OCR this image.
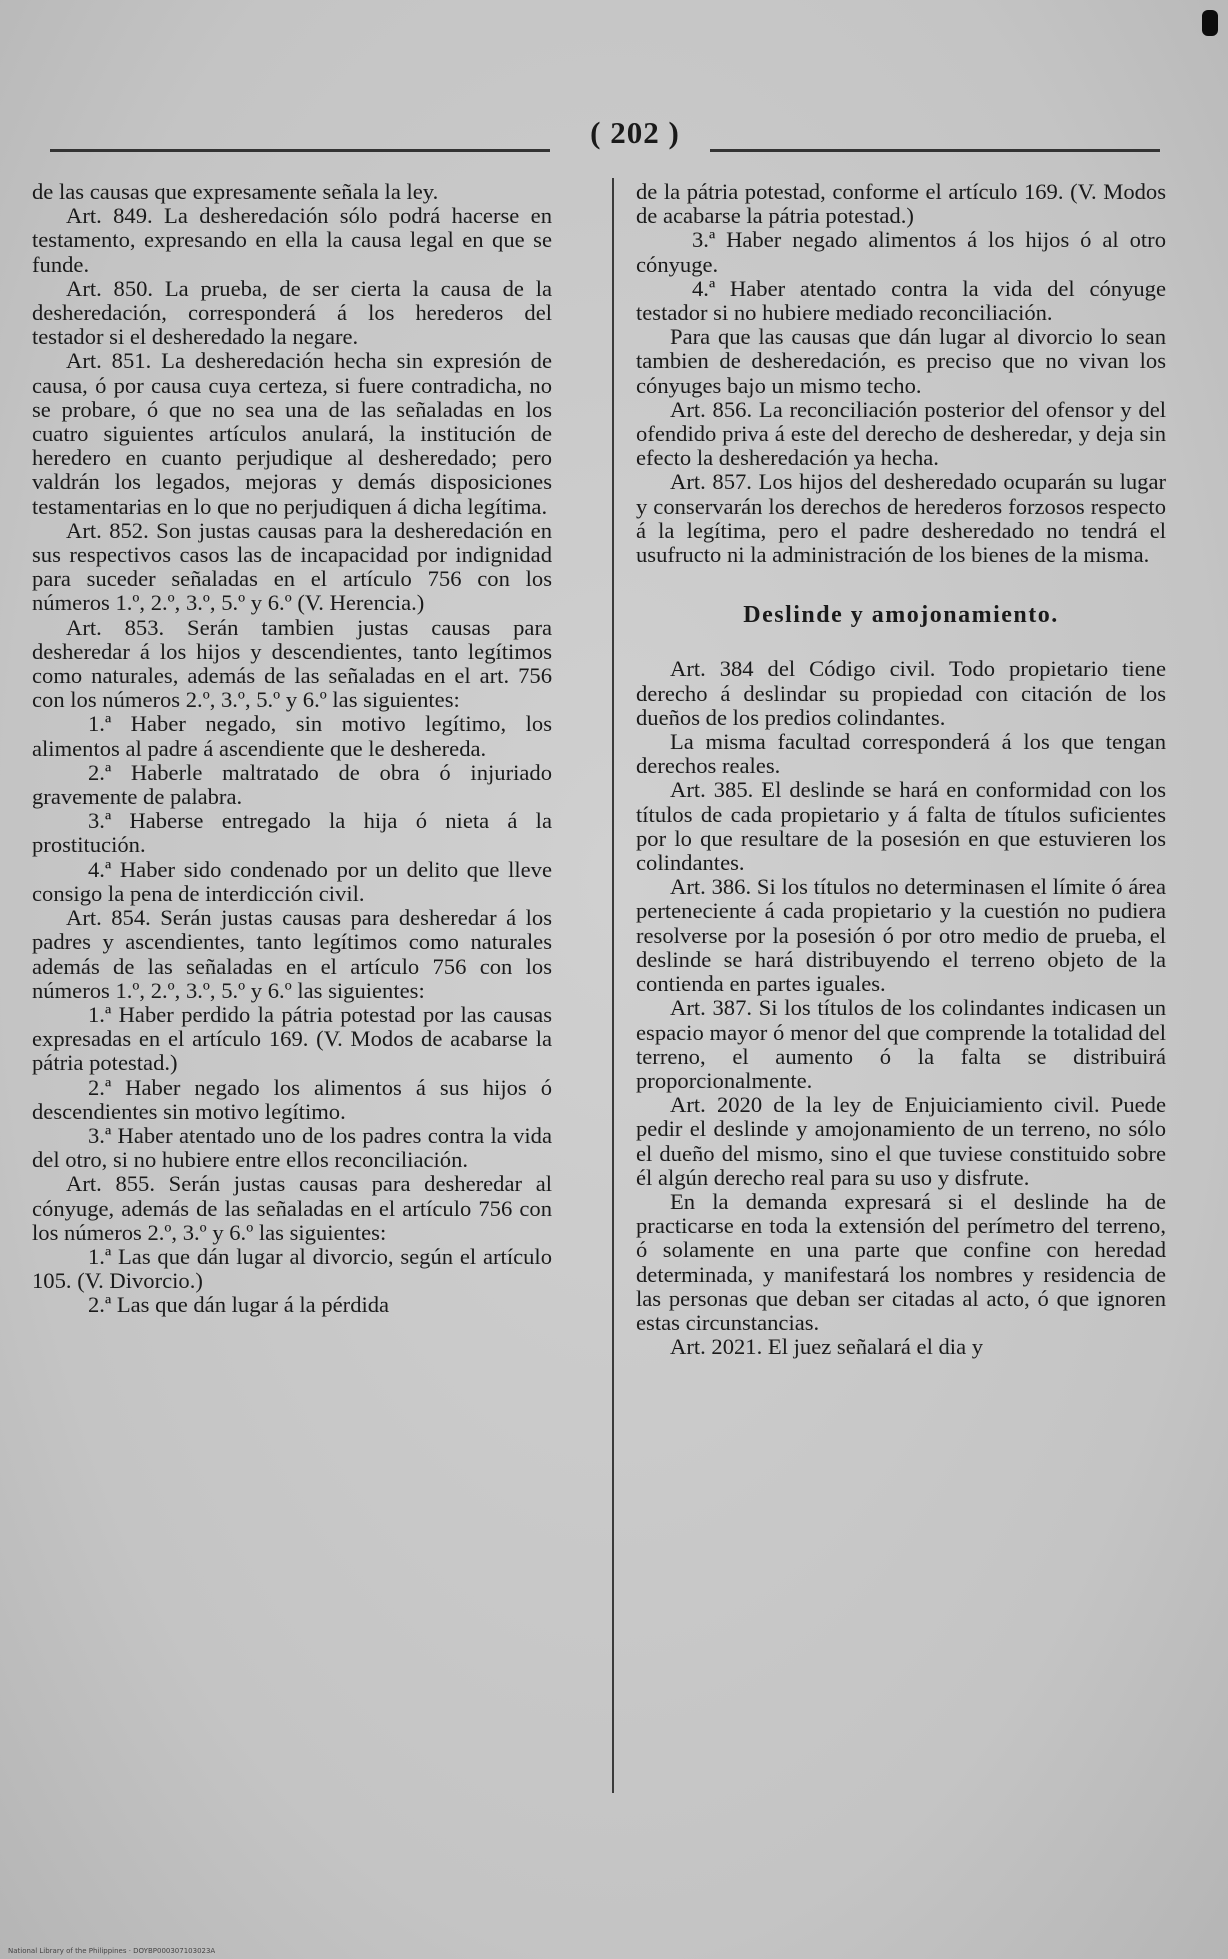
( 202 )

de las causas que expresamente señala la ley.

Art. 849. La desheredación sólo podrá hacerse en testamento, expresando en ella la causa legal en que se funde.

Art. 850. La prueba, de ser cierta la causa de la desheredación, corresponderá á los herederos del testador si el desheredado la negare.

Art. 851. La desheredación hecha sin expresión de causa, ó por causa cuya certeza, si fuere contradicha, no se probare, ó que no sea una de las señaladas en los cuatro siguientes artículos anulará, la institución de heredero en cuanto perjudique al desheredado; pero valdrán los legados, mejoras y demás disposiciones testamentarias en lo que no perjudiquen á dicha legítima.

Art. 852. Son justas causas para la desheredación en sus respectivos casos las de incapacidad por indignidad para suceder señaladas en el artículo 756 con los números 1.º, 2.º, 3.º, 5.º y 6.º (V. Herencia.)

Art. 853. Serán tambien justas causas para desheredar á los hijos y descendientes, tanto legítimos como naturales, además de las señaladas en el art. 756 con los números 2.º, 3.º, 5.º y 6.º las siguientes:

1.ª Haber negado, sin motivo legítimo, los alimentos al padre á ascendiente que le deshereda.

2.ª Haberle maltratado de obra ó injuriado gravemente de palabra.

3.ª Haberse entregado la hija ó nieta á la prostitución.

4.ª Haber sido condenado por un delito que lleve consigo la pena de interdicción civil.

Art. 854. Serán justas causas para desheredar á los padres y ascendientes, tanto legítimos como naturales además de las señaladas en el artículo 756 con los números 1.º, 2.º, 3.º, 5.º y 6.º las siguientes:

1.ª Haber perdido la pátria potestad por las causas expresadas en el artículo 169. (V. Modos de acabarse la pátria potestad.)

2.ª Haber negado los alimentos á sus hijos ó descendientes sin motivo legítimo.

3.ª Haber atentado uno de los padres contra la vida del otro, si no hubiere entre ellos reconciliación.

Art. 855. Serán justas causas para desheredar al cónyuge, además de las señaladas en el artículo 756 con los números 2.º, 3.º y 6.º las siguientes:

1.ª Las que dán lugar al divorcio, según el artículo 105. (V. Divorcio.)

2.ª Las que dán lugar á la pérdida

de la pátria potestad, conforme el artículo 169. (V. Modos de acabarse la pátria potestad.)

3.ª Haber negado alimentos á los hijos ó al otro cónyuge.

4.ª Haber atentado contra la vida del cónyuge testador si no hubiere mediado reconciliación.

Para que las causas que dán lugar al divorcio lo sean tambien de desheredación, es preciso que no vivan los cónyuges bajo un mismo techo.

Art. 856. La reconciliación posterior del ofensor y del ofendido priva á este del derecho de desheredar, y deja sin efecto la desheredación ya hecha.

Art. 857. Los hijos del desheredado ocuparán su lugar y conservarán los derechos de herederos forzosos respecto á la legítima, pero el padre desheredado no tendrá el usufructo ni la administración de los bienes de la misma.

Deslinde y amojonamiento.

Art. 384 del Código civil. Todo propietario tiene derecho á deslindar su propiedad con citación de los dueños de los predios colindantes.

La misma facultad corresponderá á los que tengan derechos reales.

Art. 385. El deslinde se hará en conformidad con los títulos de cada propietario y á falta de títulos suficientes por lo que resultare de la posesión en que estuvieren los colindantes.

Art. 386. Si los títulos no determinasen el límite ó área perteneciente á cada propietario y la cuestión no pudiera resolverse por la posesión ó por otro medio de prueba, el deslinde se hará distribuyendo el terreno objeto de la contienda en partes iguales.

Art. 387. Si los títulos de los colindantes indicasen un espacio mayor ó menor del que comprende la totalidad del terreno, el aumento ó la falta se distribuirá proporcionalmente.

Art. 2020 de la ley de Enjuiciamiento civil. Puede pedir el deslinde y amojonamiento de un terreno, no sólo el dueño del mismo, sino el que tuviese constituido sobre él algún derecho real para su uso y disfrute.

En la demanda expresará si el deslinde ha de practicarse en toda la extensión del perímetro del terreno, ó solamente en una parte que confine con heredad determinada, y manifestará los nombres y residencia de las personas que deban ser citadas al acto, ó que ignoren estas circunstancias.

Art. 2021. El juez señalará el dia y

National Library of the Philippines · DOYBP000307103023A
